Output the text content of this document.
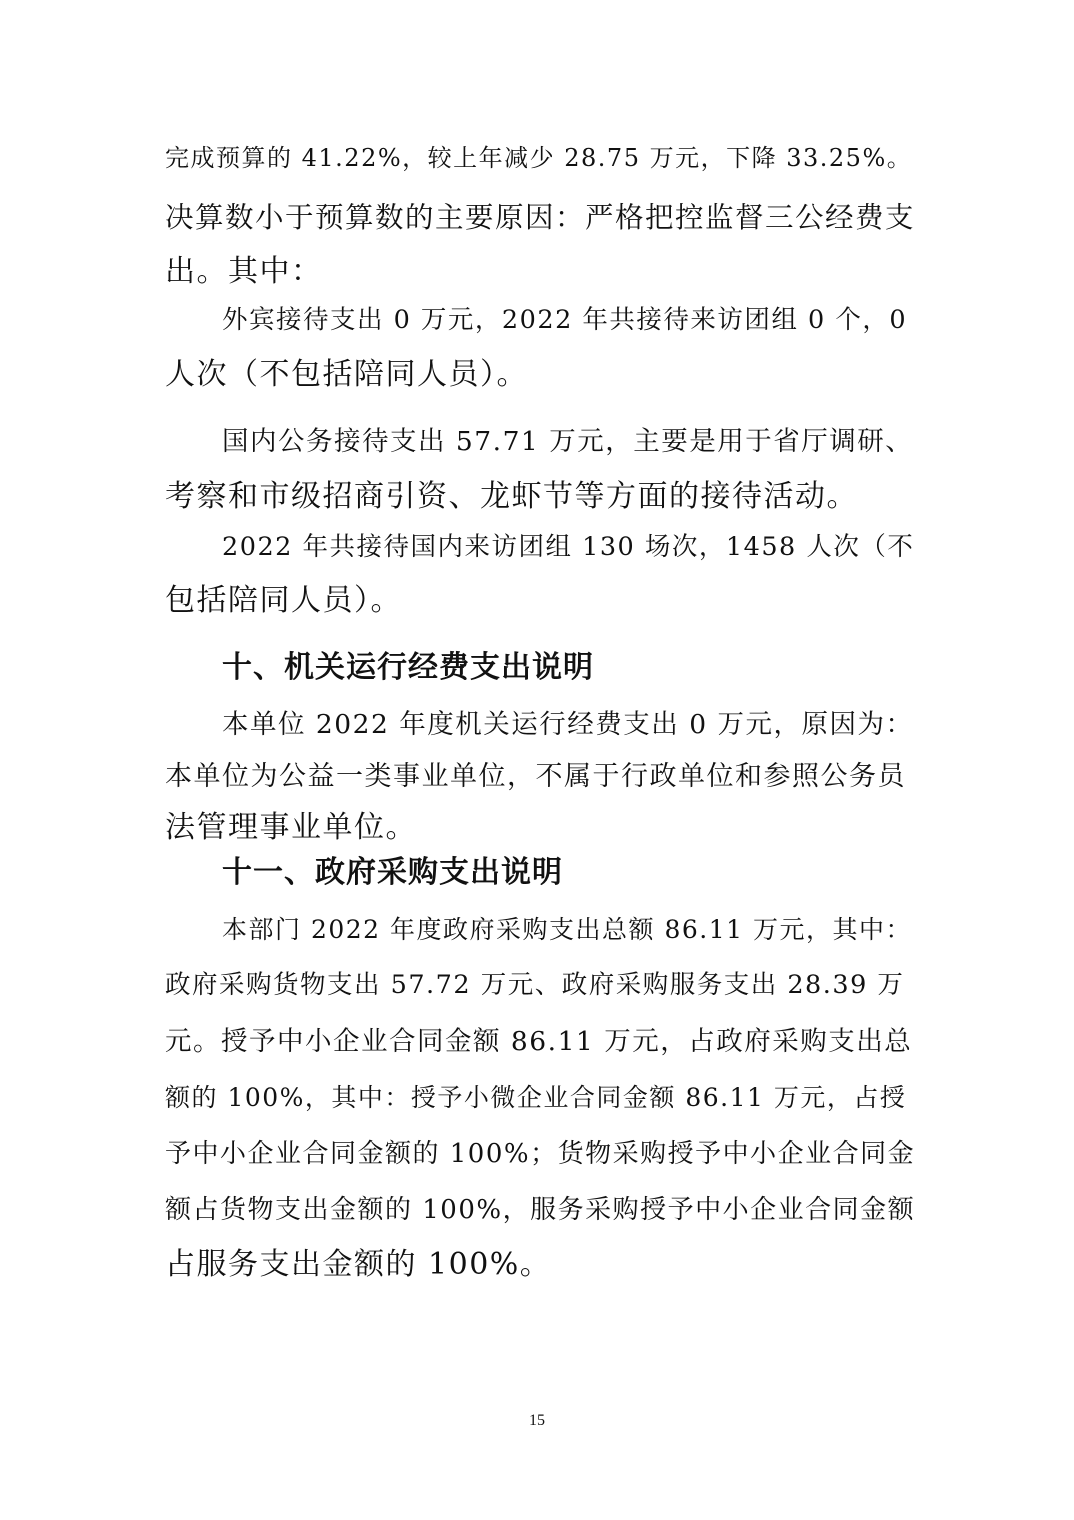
完成预算的 41.22%，较上年减少 28.75 万元，下降 33.25%。
决算数小于预算数的主要原因：严格把控监督三公经费支
出。其中：
外宾接待支出 0 万元，2022 年共接待来访团组 0 个，0
人次（不包括陪同人员）。
国内公务接待支出 57.71 万元，主要是用于省厅调研、
考察和市级招商引资、龙虾节等方面的接待活动。
2022 年共接待国内来访团组 130 场次，1458 人次（不
包括陪同人员）。
十、机关运行经费支出说明
本单位 2022 年度机关运行经费支出 0 万元，原因为：
本单位为公益一类事业单位，不属于行政单位和参照公务员
法管理事业单位。
十一、政府采购支出说明
本部门 2022 年度政府采购支出总额 86.11 万元，其中：
政府采购货物支出 57.72 万元、政府采购服务支出 28.39 万
元。授予中小企业合同金额 86.11 万元，占政府采购支出总
额的 100%，其中：授予小微企业合同金额 86.11 万元，占授
予中小企业合同金额的 100%；货物采购授予中小企业合同金
额占货物支出金额的 100%，服务采购授予中小企业合同金额
占服务支出金额的 100%。
15
